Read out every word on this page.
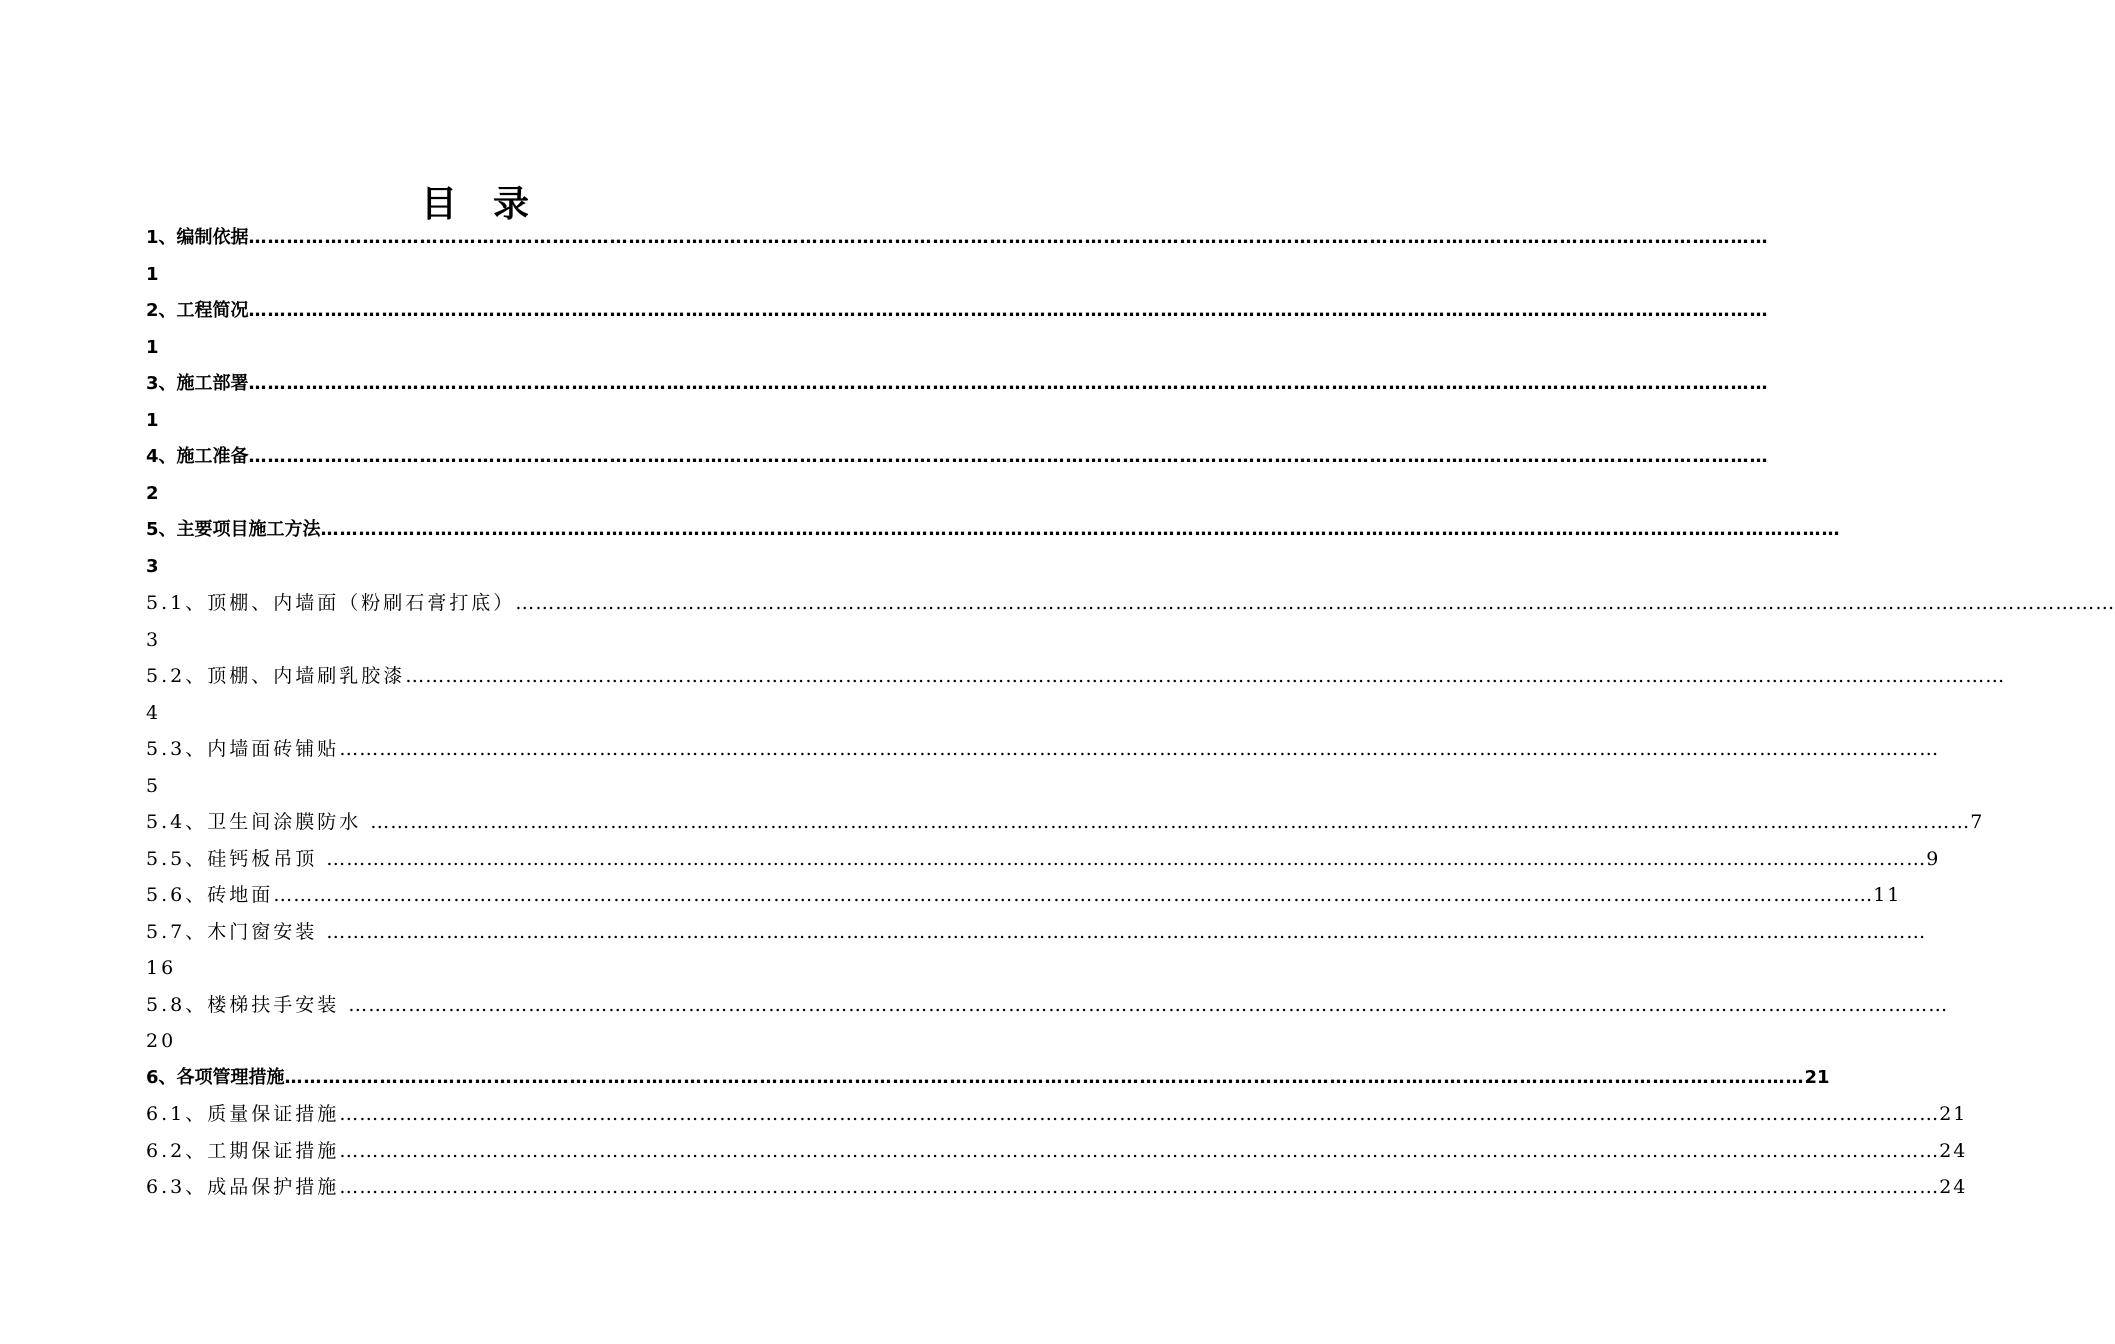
目　录
1、编制依据 ……………………………………………………………………………………………………………………………………………………………………………………………………………………
1
2、工程简况 ……………………………………………………………………………………………………………………………………………………………………………………………………………………
1
3、施工部署 ……………………………………………………………………………………………………………………………………………………………………………………………………………………
1
4、施工准备 ……………………………………………………………………………………………………………………………………………………………………………………………………………………
2
5、主要项目施工方法 ……………………………………………………………………………………………………………………………………………………………………………………………………………………
3
5.1、顶棚、内墙面（粉刷石膏打底） ……………………………………………………………………………………………………………………………………………………………………………………………………………………
3
5.2、顶棚、内墙刷乳胶漆 ……………………………………………………………………………………………………………………………………………………………………………………………………………………
4
5.3、内墙面砖铺贴 ……………………………………………………………………………………………………………………………………………………………………………………………………………………
5
5.4、卫生间涂膜防水 …………………………………………………………………………………………………………………………………………………………………………………………………………………… 7
5.5、硅钙板吊顶 …………………………………………………………………………………………………………………………………………………………………………………………………………………… 9
5.6、砖地面 …………………………………………………………………………………………………………………………………………………………………………………………………………………… 11
5.7、木门窗安装 ……………………………………………………………………………………………………………………………………………………………………………………………………………………
16
5.8、楼梯扶手安装 ……………………………………………………………………………………………………………………………………………………………………………………………………………………
20
6、各项管理措施 …………………………………………………………………………………………………………………………………………………………………………………………………………………… 21
6.1、质量保证措施 …………………………………………………………………………………………………………………………………………………………………………………………………………………… 21
6.2、工期保证措施 …………………………………………………………………………………………………………………………………………………………………………………………………………………… 24
6.3、成品保护措施 …………………………………………………………………………………………………………………………………………………………………………………………………………………… 24
